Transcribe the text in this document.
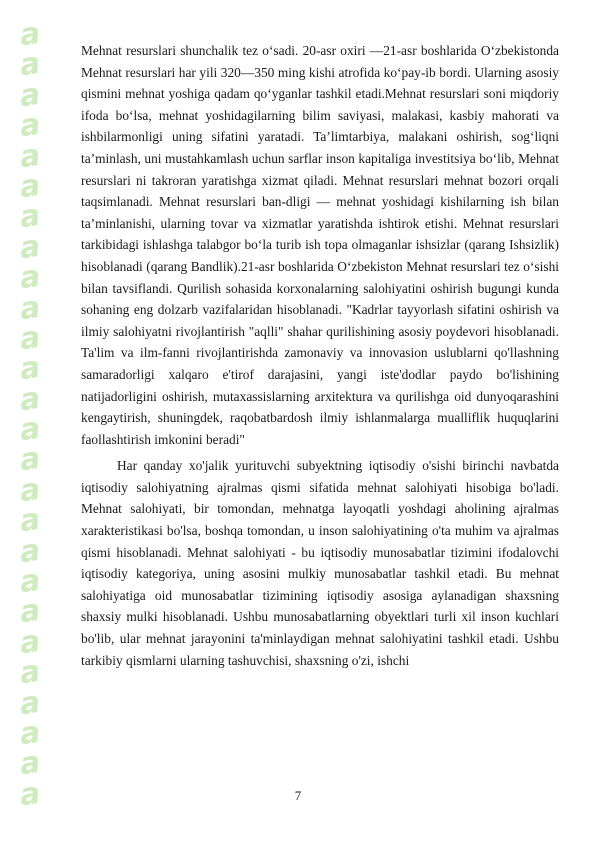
a
a
a
a
a
a
a
a
a
a
a
a
a
a
a
a
a
a
a
a
a
a
a
a
a
a

Mehnat resurslari shunchalik tez o‘sadi. 20-asr oxiri —21-asr boshlarida O‘zbekistonda Mehnat resurslari har yili 320—350 ming kishi atrofida ko‘pay-ib bordi. Ularning asosiy qismini mehnat yoshiga qadam qo‘yganlar tashkil etadi.Mehnat resurslari soni miqdoriy ifoda bo‘lsa, mehnat yoshidagilarning bilim saviyasi, malakasi, kasbiy mahorati va ishbilarmonligi uning sifatini yaratadi. Ta’limtarbiya, malakani oshirish, sog‘liqni ta’minlash, uni mustahkamlash uchun sarflar inson kapitaliga investitsiya bo‘lib, Mehnat resurslari ni takroran yaratishga xizmat qiladi. Mehnat resurslari mehnat bozori orqali taqsimlanadi. Mehnat resurslari ban-dligi — mehnat yoshidagi kishilarning ish bilan ta’minlanishi, ularning tovar va xizmatlar yaratishda ishtirok etishi. Mehnat resurslari tarkibidagi ishlashga talabgor bo‘la turib ish topa olmaganlar ishsizlar (qarang Ishsizlik) hisoblanadi (qarang Bandlik).21-asr boshlarida O‘zbekiston Mehnat resurslari tez o‘sishi bilan tavsiflandi. Qurilish sohasida korxonalarning salohiyatini oshirish bugungi kunda sohaning eng dolzarb vazifalaridan hisoblanadi. "Kadrlar tayyorlash sifatini oshirish va ilmiy salohiyatni rivojlantirish "aqlli" shahar qurilishining asosiy poydevori hisoblanadi. Ta'lim va ilm-fanni rivojlantirishda zamonaviy va innovasion uslublarni qo'llashning samaradorligi xalqaro e'tirof darajasini, yangi iste'dodlar paydo bo'lishining natijadorligini oshirish, mutaxassislarning arxitektura va qurilishga oid dunyoqarashini kengaytirish, shuningdek, raqobatbardosh ilmiy ishlanmalarga mualliflik huquqlarini faollashtirish imkonini beradi"

Har qanday xo'jalik yurituvchi subyektning iqtisodiy o'sishi birinchi navbatda iqtisodiy salohiyatning ajralmas qismi sifatida mehnat salohiyati hisobiga bo'ladi. Mehnat salohiyati, bir tomondan, mehnatga layoqatli yoshdagi aholining ajralmas xarakteristikasi bo'lsa, boshqa tomondan, u inson salohiyatining o'ta muhim va ajralmas qismi hisoblanadi. Mehnat salohiyati - bu iqtisodiy munosabatlar tizimini ifodalovchi iqtisodiy kategoriya, uning asosini mulkiy munosabatlar tashkil etadi. Bu mehnat salohiyatiga oid munosabatlar tizimining iqtisodiy asosiga aylanadigan shaxsning shaxsiy mulki hisoblanadi. Ushbu munosabatlarning obyektlari turli xil inson kuchlari bo'lib, ular mehnat jarayonini ta'minlaydigan mehnat salohiyatini tashkil etadi. Ushbu tarkibiy qismlarni ularning tashuvchisi, shaxsning o'zi, ishchi

7
